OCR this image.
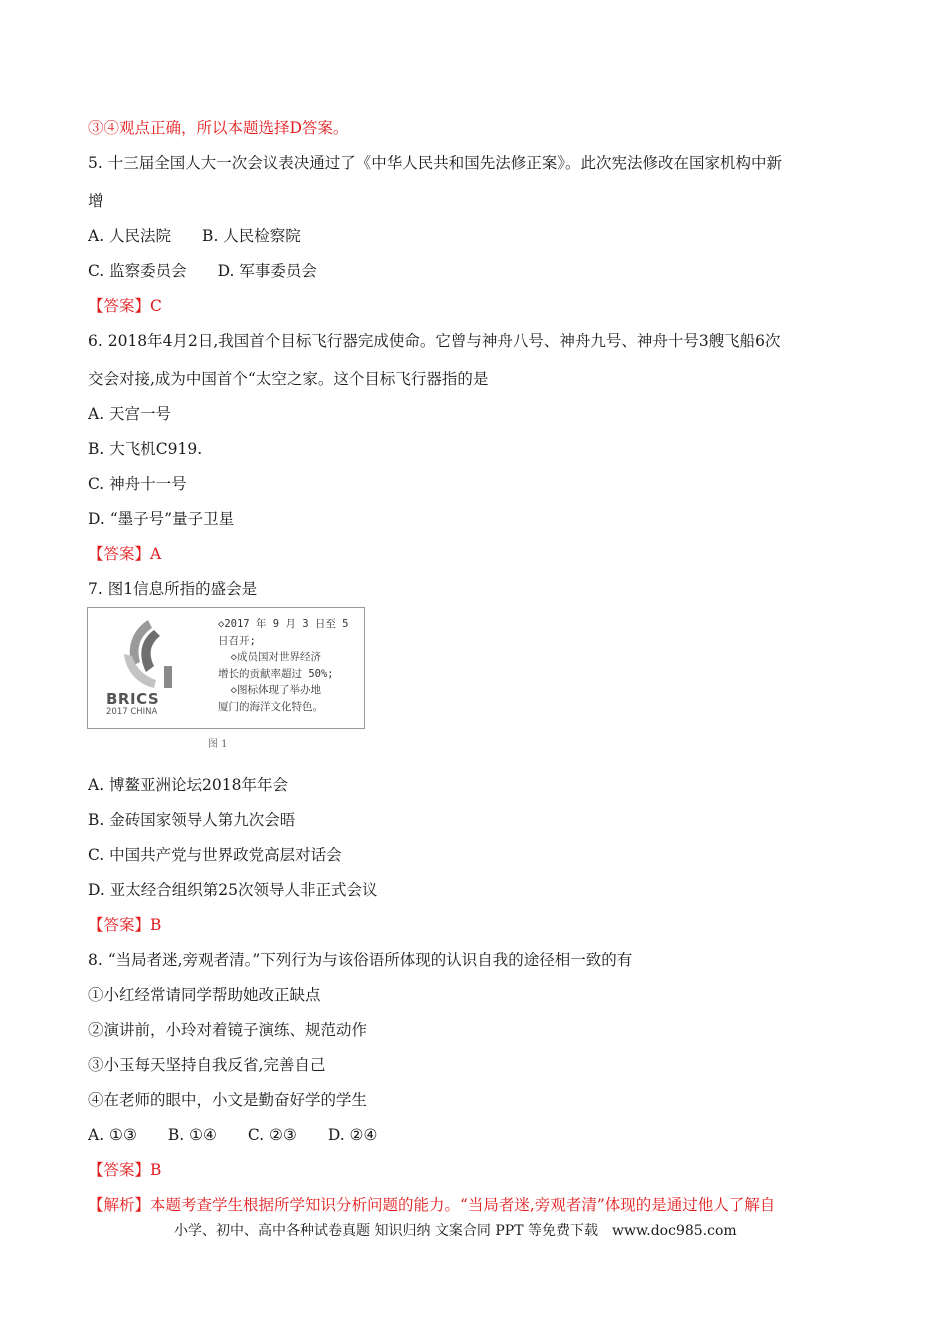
③④观点正确，所以本题选择D答案。
5. 十三届全国人大一次会议表决通过了《中华人民共和国先法修正案》。此次宪法修改在国家机构中新
增
A. 人民法院　　B. 人民检察院
C. 监察委员会　　D. 军事委员会
【答案】C
6. 2018年4月2日,我国首个目标飞行器完成使命。它曾与神舟八号、神舟九号、神舟十号3艘飞船6次
交会对接,成为中国首个“太空之家。这个目标飞行器指的是
A. 天宫一号
B. 大飞机C919.
C. 神舟十一号
D. “墨子号”量子卫星
【答案】A
7. 图1信息所指的盛会是
BRICS
2017 CHINA
◇2017 年 9 月 3 日至 5
日召开;
◇成员国对世界经济
增长的贡献率超过 50%;
◇图标体现了举办地
厦门的海洋文化特色。
图 1
A. 博鳌亚洲论坛2018年年会
B. 金砖国家领导人第九次会晤
C. 中国共产党与世界政党高层对话会
D. 亚太经合组织第25次领导人非正式会议
【答案】B
8. “当局者迷,旁观者清。”下列行为与该俗语所体现的认识自我的途径相一致的有
①小红经常请同学帮助她改正缺点
②演讲前，小玲对着镜子演练、规范动作
③小玉每天坚持自我反省,完善自己
④在老师的眼中，小文是勤奋好学的学生
A. ①③　　B. ①④　　C. ②③　　D. ②④
【答案】B
【解析】本题考查学生根据所学知识分析问题的能力。“当局者迷,旁观者清”体现的是通过他人了解自
小学、初中、高中各种试卷真题 知识归纳 文案合同 PPT 等免费下载　www.doc985.com
